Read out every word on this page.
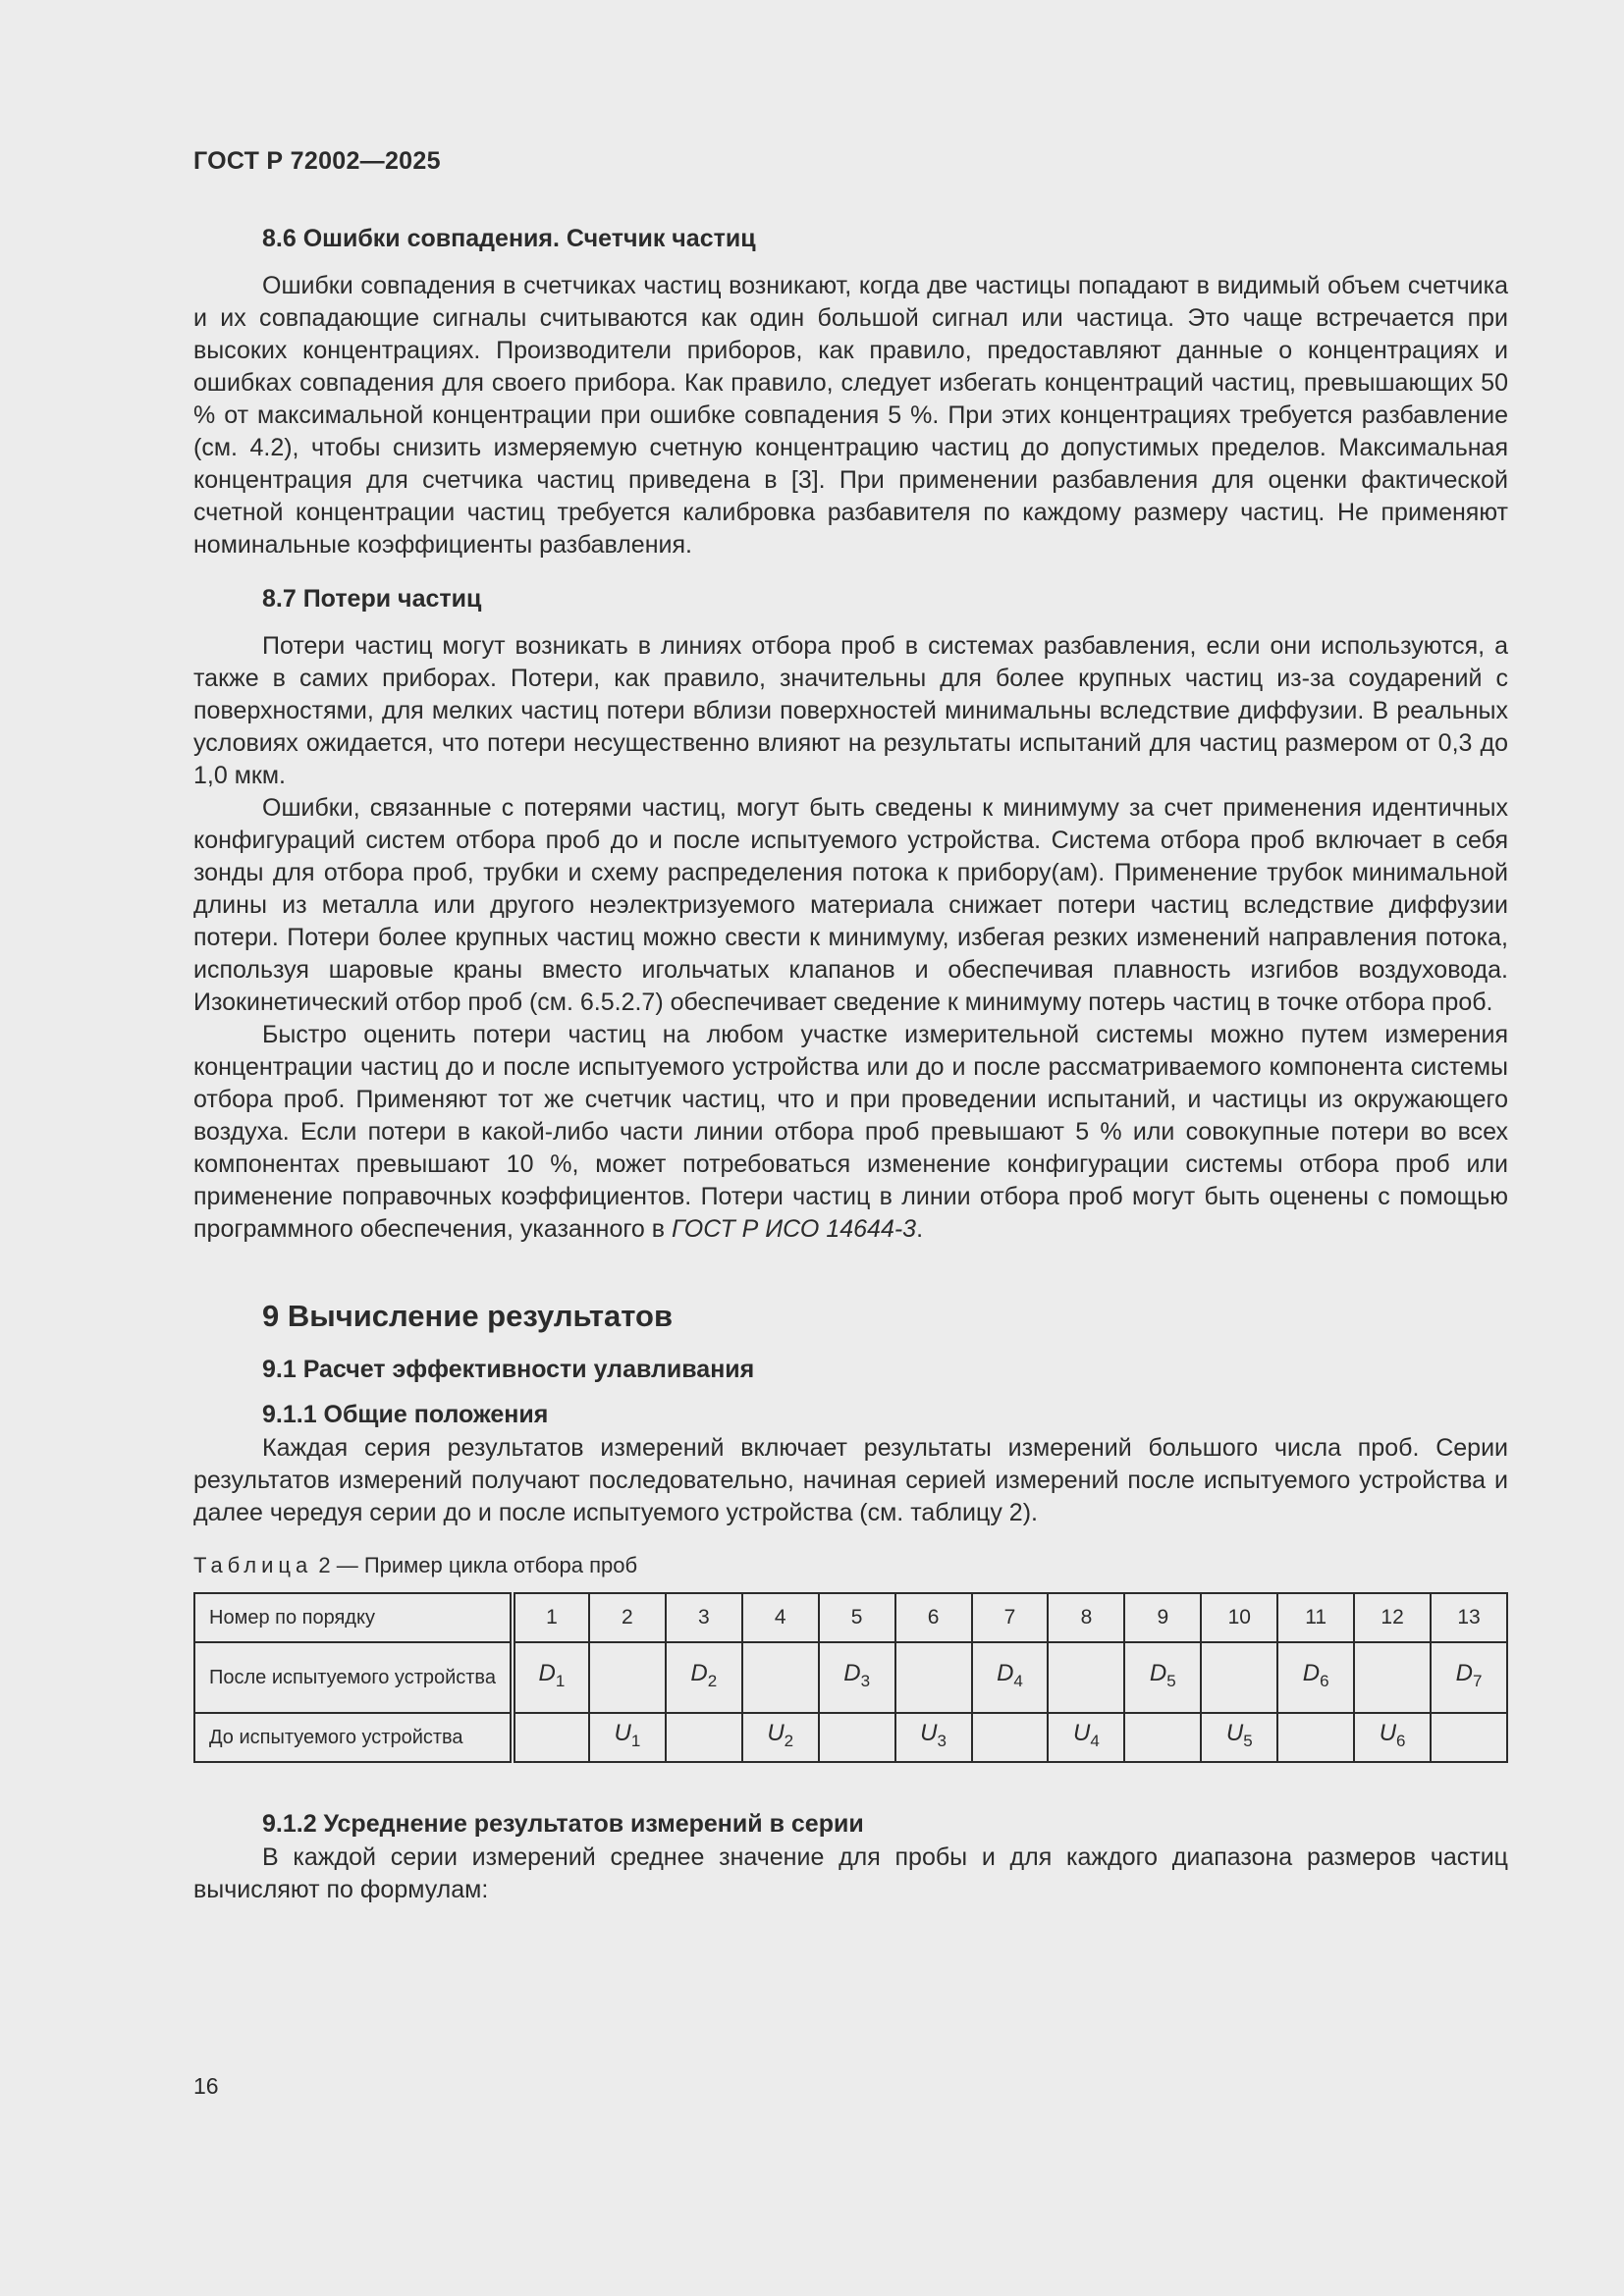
ГОСТ Р 72002—2025
8.6 Ошибки совпадения. Счетчик частиц

Ошибки совпадения в счетчиках частиц возникают, когда две частицы попадают в видимый объем счетчика и их совпадающие сигналы считываются как один большой сигнал или частица. Это чаще встречается при высоких концентрациях. Производители приборов, как правило, предоставляют данные о концентрациях и ошибках совпадения для своего прибора. Как правило, следует избегать концентраций частиц, превышающих 50 % от максимальной концентрации при ошибке совпадения 5 %. При этих концентрациях требуется разбавление (см. 4.2), чтобы снизить измеряемую счетную концентрацию частиц до допустимых пределов. Максимальная концентрация для счетчика частиц приведена в [3]. При применении разбавления для оценки фактической счетной концентрации частиц требуется калибровка разбавителя по каждому размеру частиц. Не применяют номинальные коэффициенты разбавления.

8.7 Потери частиц

Потери частиц могут возникать в линиях отбора проб в системах разбавления, если они используются, а также в самих приборах. Потери, как правило, значительны для более крупных частиц из-за соударений с поверхностями, для мелких частиц потери вблизи поверхностей минимальны вследствие диффузии. В реальных условиях ожидается, что потери несущественно влияют на результаты испытаний для частиц размером от 0,3 до 1,0 мкм.

Ошибки, связанные с потерями частиц, могут быть сведены к минимуму за счет применения идентичных конфигураций систем отбора проб до и после испытуемого устройства. Система отбора проб включает в себя зонды для отбора проб, трубки и схему распределения потока к прибору(ам). Применение трубок минимальной длины из металла или другого неэлектризуемого материала снижает потери частиц вследствие диффузии потери. Потери более крупных частиц можно свести к минимуму, избегая резких изменений направления потока, используя шаровые краны вместо игольчатых клапанов и обеспечивая плавность изгибов воздуховода. Изокинетический отбор проб (см. 6.5.2.7) обеспечивает сведение к минимуму потерь частиц в точке отбора проб.

Быстро оценить потери частиц на любом участке измерительной системы можно путем измерения концентрации частиц до и после испытуемого устройства или до и после рассматриваемого компонента системы отбора проб. Применяют тот же счетчик частиц, что и при проведении испытаний, и частицы из окружающего воздуха. Если потери в какой-либо части линии отбора проб превышают 5 % или совокупные потери во всех компонентах превышают 10 %, может потребоваться изменение конфигурации системы отбора проб или применение поправочных коэффициентов. Потери частиц в линии отбора проб могут быть оценены с помощью программного обеспечения, указанного в ГОСТ Р ИСО 14644-3.

9 Вычисление результатов
9.1 Расчет эффективности улавливания
9.1.1 Общие положения

Каждая серия результатов измерений включает результаты измерений большого числа проб. Серии результатов измерений получают последовательно, начиная серией измерений после испытуемого устройства и далее чередуя серии до и после испытуемого устройства (см. таблицу 2).

Таблица 2 — Пример цикла отбора проб
Номер по порядку	1	2	3	4	5	6	7	8	9	10	11	12	13
После испытуемого устройства	$D_1$		$D_2$		$D_3$		$D_4$		$D_5$		$D_6$		$D_7$
До испытуемого устройства		$U_1$		$U_2$		$U_3$		$U_4$		$U_5$		$U_6$	
9.1.2 Усреднение результатов измерений в серии

В каждой серии измерений среднее значение для пробы и для каждого диапазона размеров частиц вычисляют по формулам:

16
